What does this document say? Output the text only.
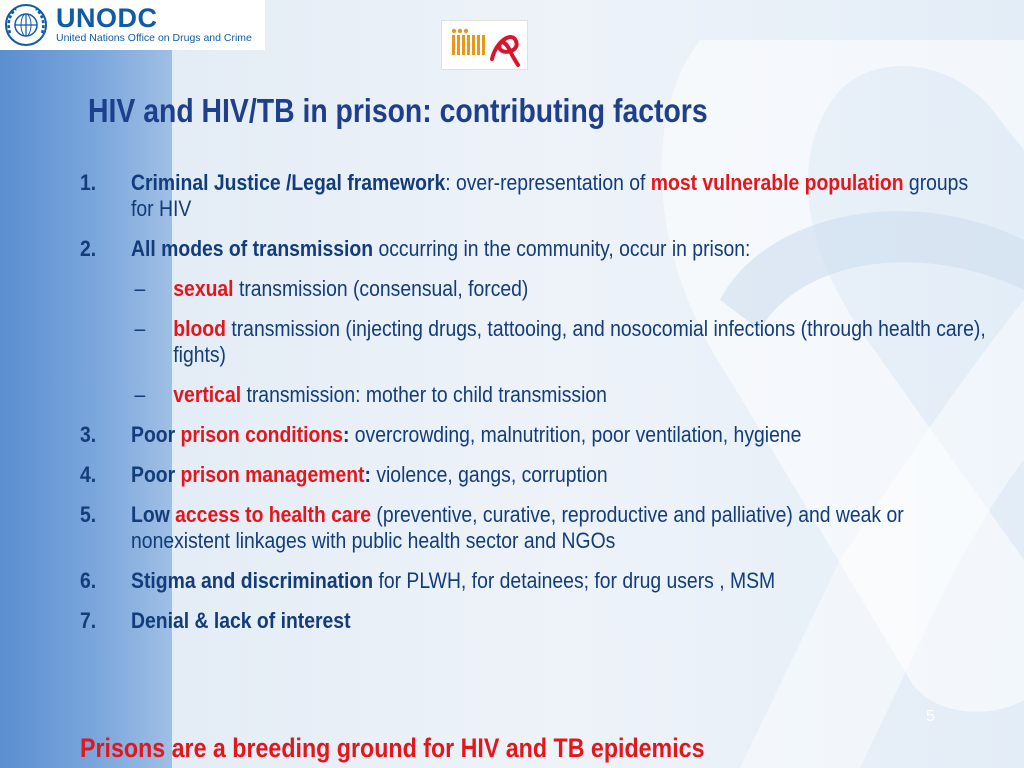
UNODC
United Nations Office on Drugs and Crime
HIV and HIV/TB in prison: contributing factors
1. Criminal Justice /Legal framework: over-representation of most vulnerable population groups for HIV
2. All modes of transmission occurring in the community, occur in prison:
– sexual transmission (consensual, forced)
– blood transmission (injecting drugs, tattooing, and nosocomial infections (through health care), fights)
– vertical transmission: mother to child transmission
3. Poor prison conditions: overcrowding, malnutrition, poor ventilation, hygiene
4. Poor prison management: violence, gangs, corruption
5. Low access to health care (preventive, curative, reproductive and palliative) and weak or nonexistent linkages with public health sector and NGOs
6. Stigma and discrimination for PLWH, for detainees; for drug users , MSM
7. Denial & lack of interest
5
Prisons are a breeding ground for HIV and TB epidemics
